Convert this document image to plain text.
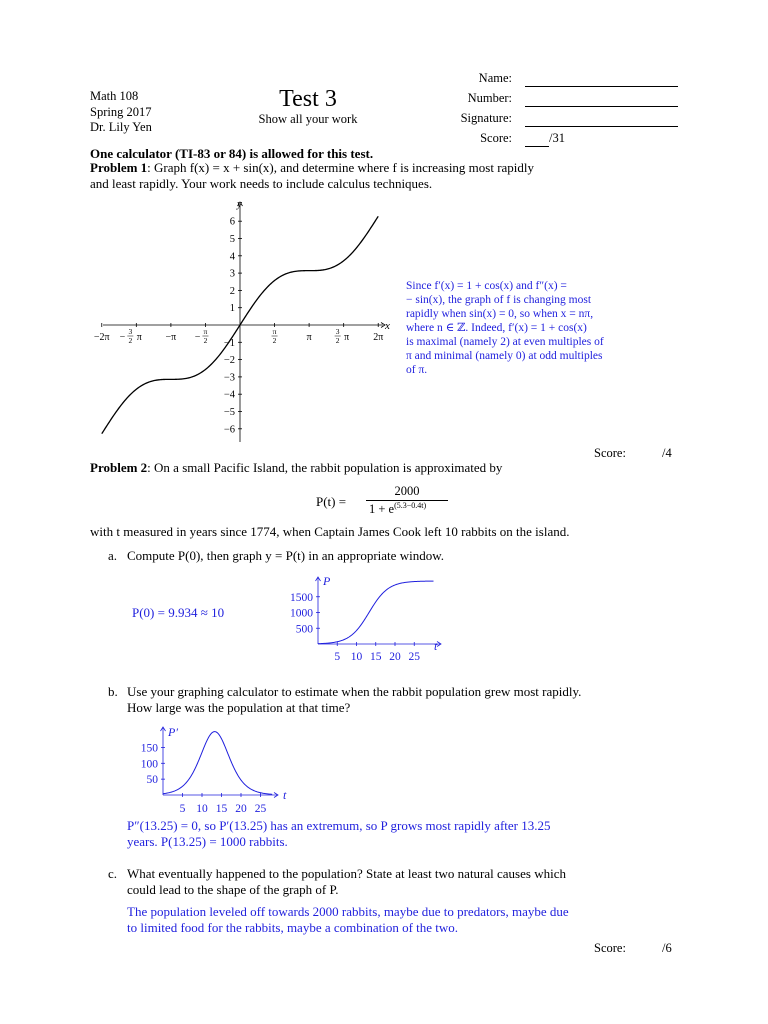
Math 108
Spring 2017
Dr. Lily Yen
Test 3
Show all your work
Name:
Number:
Signature:
Score:	/31
One calculator (TI-83 or 84) is allowed for this test.
Problem 1: Graph f(x) = x + sin(x), and determine where f is increasing most rapidly
and least rapidly. Your work needs to include calculus techniques.
x
y
−2π −
3
2 π −π −
π
2
π
2	π
3
2 π 2π
−6
−5
−4
−3
−2
−1
1
2
3
4
5
6
Since f′(x) = 1 + cos(x) and f″(x) =
− sin(x), the graph of f is changing most
rapidly when sin(x) = 0, so when x = nπ,
where n ∈ ℤ. Indeed, f′(x) = 1 + cos(x)
is maximal (namely 2) at even multiples of
π and minimal (namely 0) at odd multiples
of π.
Score:	/4
Problem 2: On a small Pacific Island, the rabbit population is approximated by
P(t) =
2000
$1 + e^{(5.3-0.4t)}$
with t measured in years since 1774, when Captain James Cook left 10 rabbits on the island.
a. Compute P(0), then graph y = P(t) in an appropriate window.
P(0) = 9.934 ≈ 10
t
P
5 10 15 20 25
500
1000
1500
b. Use your graphing calculator to estimate when the rabbit population grew most rapidly.
How large was the population at that time?
t
P′
5 10 15 20 25
50
100
150
P″(13.25) = 0, so P′(13.25) has an extremum, so P grows most rapidly after 13.25
years. P(13.25) = 1000 rabbits.
c. What eventually happened to the population? State at least two natural causes which
could lead to the shape of the graph of P.
The population leveled off towards 2000 rabbits, maybe due to predators, maybe due
to limited food for the rabbits, maybe a combination of the two.
Score:	/6
